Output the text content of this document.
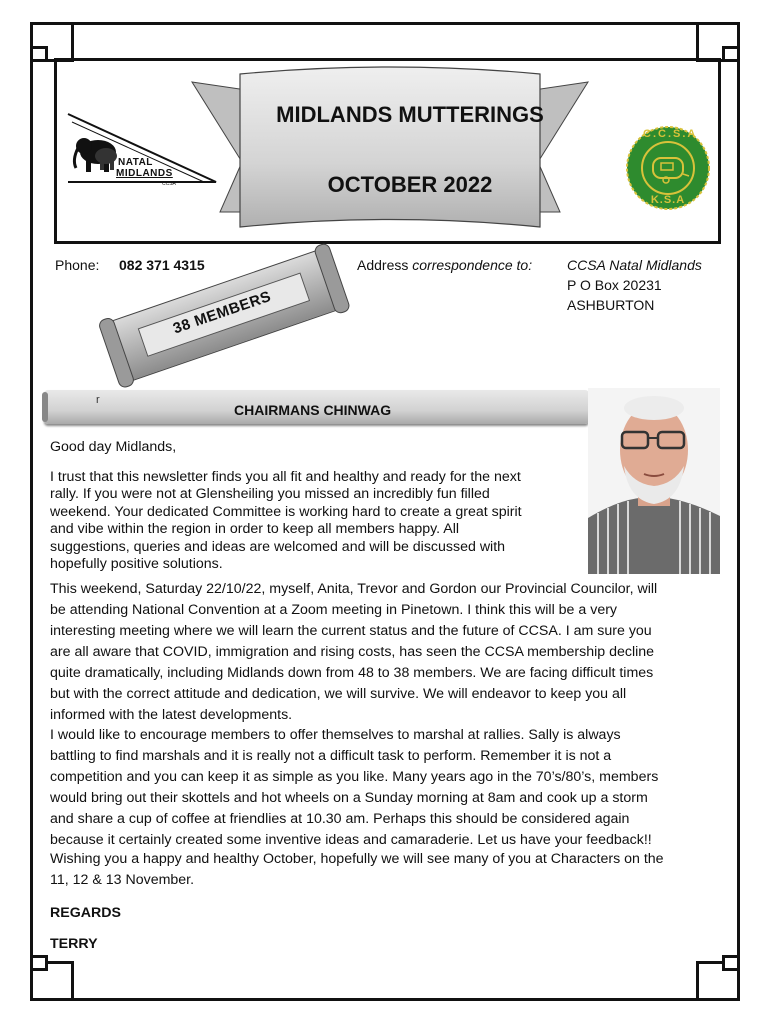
MIDLANDS MUTTERINGS
OCTOBER 2022
NATAL
MIDLANDS
CCSA
C.C.S.A
K.S.A
Phone: 082 371 4315	Address correspondence to: CCSA Natal Midlands
P O Box 20231
ASHBURTON
38 MEMBERS
r
CHAIRMANS CHINWAG
Good day Midlands,
I trust that this newsletter finds you all fit and healthy and ready for the next
rally. If you were not at Glensheiling you missed an incredibly fun filled
weekend. Your dedicated Committee is working hard to create a great spirit
and vibe within the region in order to keep all members happy. All
suggestions, queries and ideas are welcomed and will be discussed with
hopefully positive solutions.
This weekend, Saturday 22/10/22, myself, Anita, Trevor and Gordon our Provincial Councilor, will
be attending National Convention at a Zoom meeting in Pinetown. I think this will be a very
interesting meeting where we will learn the current status and the future of CCSA. I am sure you
are all aware that COVID, immigration and rising costs, has seen the CCSA membership decline
quite dramatically, including Midlands down from 48 to 38 members. We are facing difficult times
but with the correct attitude and dedication, we will survive. We will endeavor to keep you all
informed with the latest developments.
I would like to encourage members to offer themselves to marshal at rallies. Sally is always
battling to find marshals and it is really not a difficult task to perform. Remember it is not a
competition and you can keep it as simple as you like. Many years ago in the 70’s/80’s, members
would bring out their skottels and hot wheels on a Sunday morning at 8am and cook up a storm
and share a cup of coffee at friendlies at 10.30 am. Perhaps this should be considered again
because it certainly created some inventive ideas and camaraderie. Let us have your feedback!!
Wishing you a happy and healthy October, hopefully we will see many of you at Characters on the
11, 12 & 13 November.
REGARDS
TERRY
